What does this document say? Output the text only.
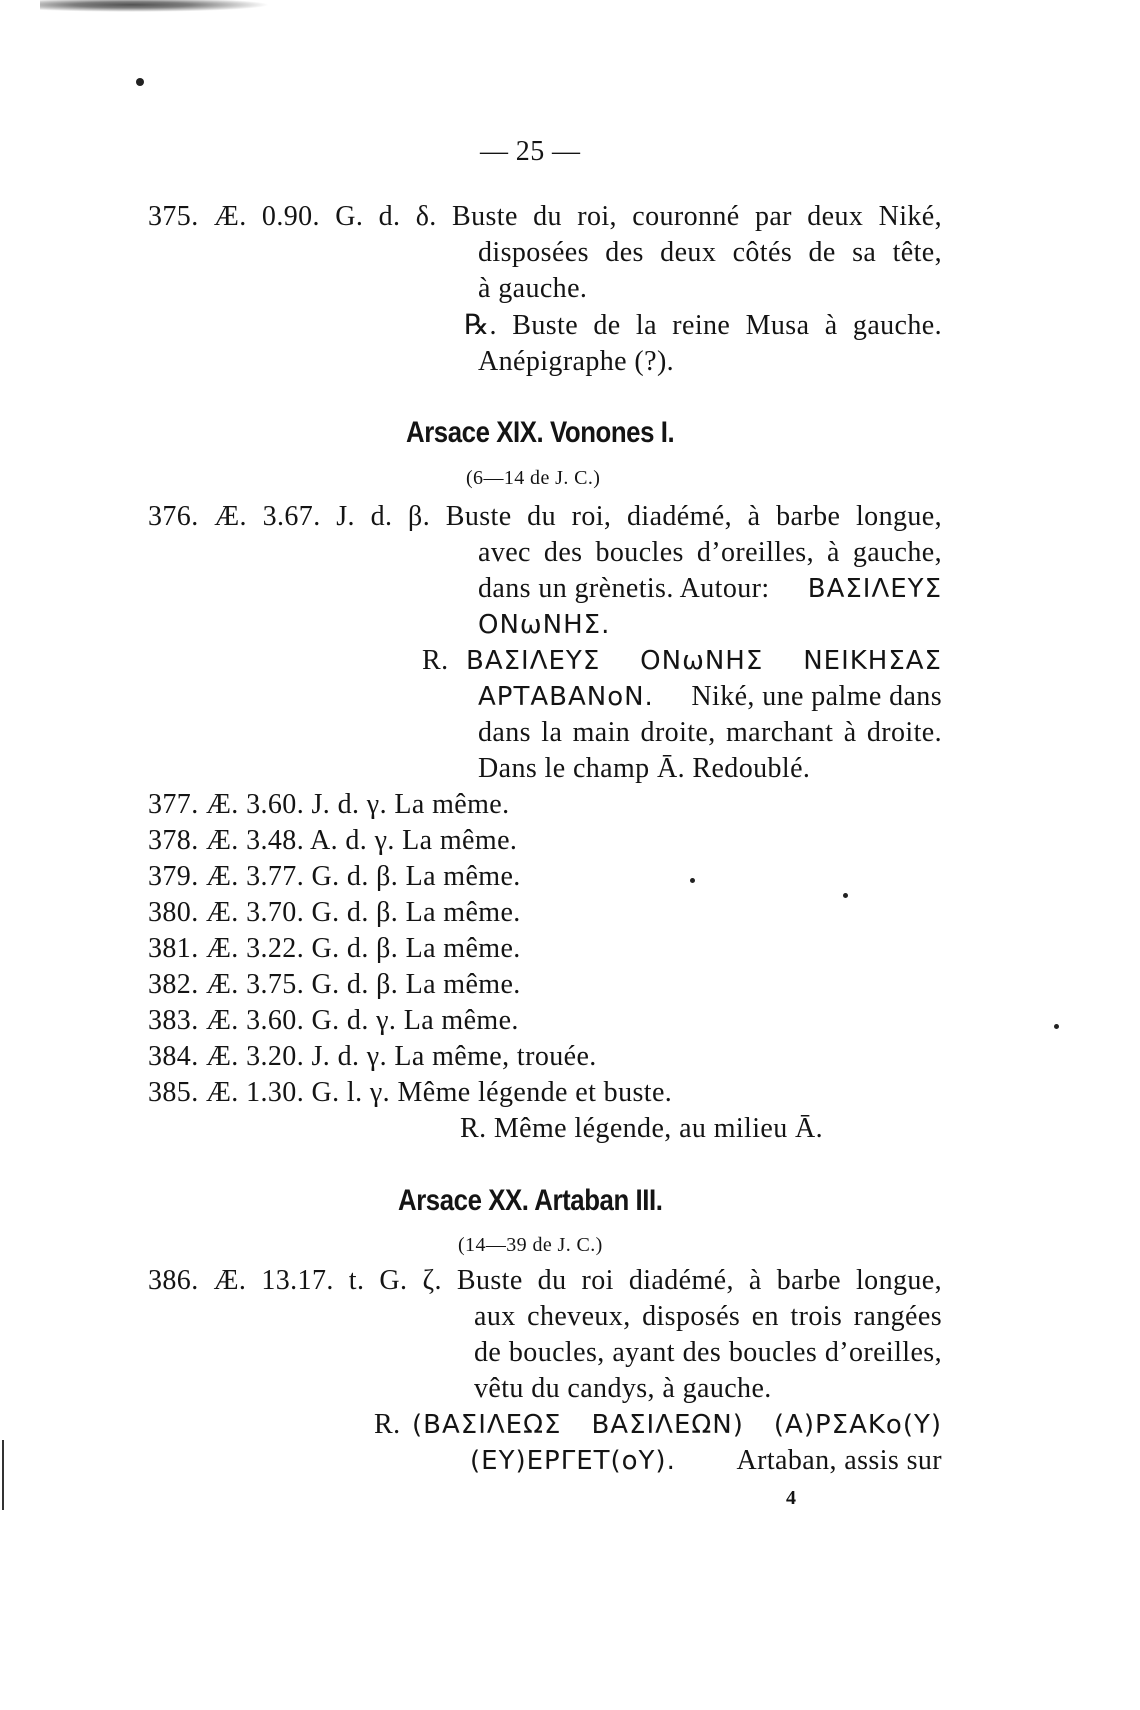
— 25 —
375. Æ. 0.90. G. d. δ. Buste du roi, couronné par deux Niké,
disposées des deux côtés de sa tête,
à gauche.
℞. Buste de la reine Musa à gauche.
Anépigraphe (?).
Arsace XIX. Vonones I.
(6—14 de J. C.)
376. Æ. 3.67. J. d. β. Buste du roi, diadémé, à barbe longue,
avec des boucles d’oreilles, à gauche,
dans un grènetis. Autour: ΒΑΣΙΛΕΥΣ
ΟΝωΝΗΣ.
R. ΒΑΣΙΛΕΥΣ ΟΝωΝΗΣ ΝΕΙΚΗΣΑΣ
ΑΡΤΑΒΑΝοΝ. Niké, une palme dans
dans la main droite, marchant à droite.
Dans le champ Ā. Redoublé.
377. Æ. 3.60. J. d. γ. La même.
378. Æ. 3.48. A. d. γ. La même.
379. Æ. 3.77. G. d. β. La même.
380. Æ. 3.70. G. d. β. La même.
381. Æ. 3.22. G. d. β. La même.
382. Æ. 3.75. G. d. β. La même.
383. Æ. 3.60. G. d. γ. La même.
384. Æ. 3.20. J. d. γ. La même, trouée.
385. Æ. 1.30. G. l. γ. Même légende et buste.
R. Même légende, au milieu Ā.
Arsace XX. Artaban III.
(14—39 de J. C.)
386. Æ. 13.17. t. G. ζ. Buste du roi diadémé, à barbe longue,
aux cheveux, disposés en trois rangées
de boucles, ayant des boucles d’oreilles,
vêtu du candys, à gauche.
R. (ΒΑΣΙΛΕΩΣ ΒΑΣΙΛΕΩΝ) (Α)ΡΣΑΚο(Υ)
(ΕΥ)ΕΡΓΕΤ(οΥ). Artaban, assis sur
4
